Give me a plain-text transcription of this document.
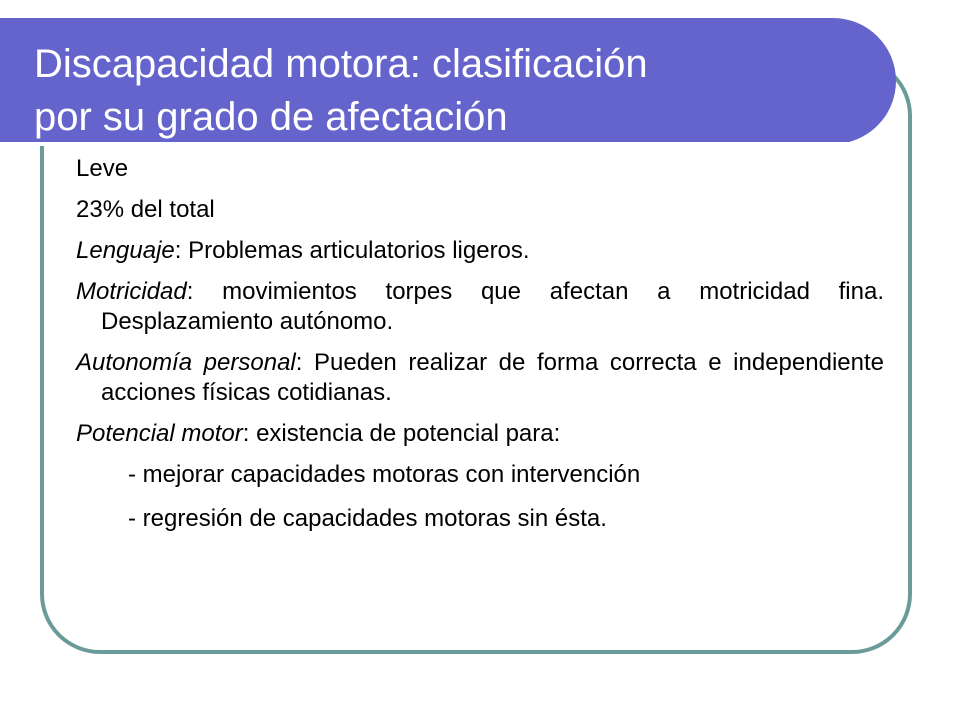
Discapacidad motora: clasificación
por su grado de afectación

Leve

23% del total

Lenguaje: Problemas articulatorios ligeros.

Motricidad: movimientos torpes que afectan a motricidad fina. Desplazamiento autónomo.

Autonomía personal: Pueden realizar de forma correcta e independiente acciones físicas cotidianas.

Potencial motor: existencia de potencial para:

- mejorar capacidades motoras con intervención

- regresión de capacidades motoras sin ésta.
